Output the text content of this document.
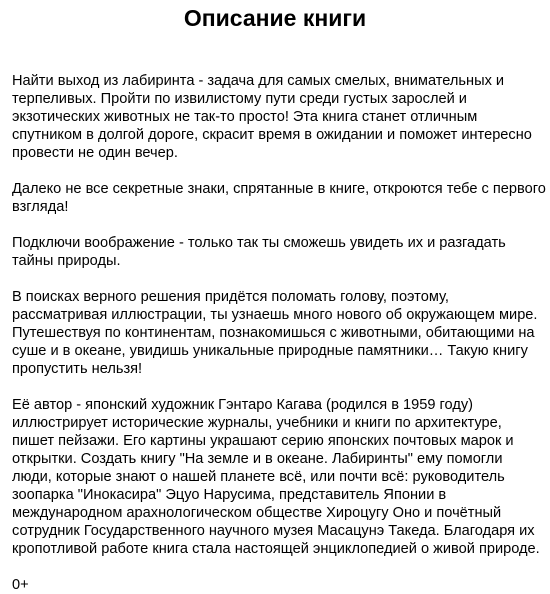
Описание книги

Найти выход из лабиринта - задача для самых смелых, внимательных и терпеливых. Пройти по извилистому пути среди густых зарослей и экзотических животных не так-то просто! Эта книга станет отличным спутником в долгой дороге, скрасит время в ожидании и поможет интересно провести не один вечер.

Далеко не все секретные знаки, спрятанные в книге, откроются тебе с первого взгляда!

Подключи воображение - только так ты сможешь увидеть их и разгадать тайны природы.

В поисках верного решения придётся поломать голову, поэтому, рассматривая иллюстрации, ты узнаешь много нового об окружающем мире. Путешествуя по континентам, познакомишься с животными, обитающими на суше и в океане, увидишь уникальные природные памятники… Такую книгу пропустить нельзя!

Её автор - японский художник Гэнтаро Кагава (родился в 1959 году) иллюстрирует исторические журналы, учебники и книги по архитектуре, пишет пейзажи. Его картины украшают серию японских почтовых марок и открытки. Создать книгу "На земле и в океане. Лабиринты" ему помогли люди, которые знают о нашей планете всё, или почти всё: руководитель зоопарка "Инокасира" Эцуо Нарусима, представитель Японии в международном арахнологическом обществе Хироцугу Оно и почётный сотрудник Государственного научного музея Масацунэ Такеда. Благодаря их кропотливой работе книга стала настоящей энциклопедией о живой природе.

0+
